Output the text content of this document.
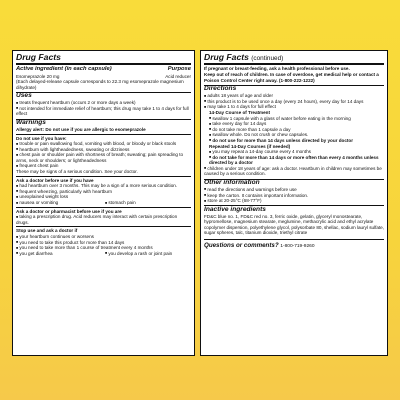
Drug Facts
Active ingredient (in each capsule)	Purpose
Esomeprazole 20 mg	Acid reducer
(Each delayed-release capsule corresponds to 22.3 mg esomeprazole magnesium dihydrate)
Uses
■ treats frequent heartburn (occurs 2 or more days a week)
■ not intended for immediate relief of heartburn; this drug may take 1 to 4 days for full effect
Warnings
Allergy alert: Do not use if you are allergic to esomeprazole
Do not use if you have:
■ trouble or pain swallowing food, vomiting with blood, or bloody or black stools
■ heartburn with lightheadedness, sweating or dizziness
■ chest pain or shoulder pain with shortness of breath; sweating; pain spreading to arms, neck or shoulders; or lightheadedness
■ frequent chest pain
These may be signs of a serious condition. See your doctor.
Ask a doctor before use if you have
■ had heartburn over 3 months. This may be a sign of a more serious condition.
■ frequent wheezing, particularly with heartburn
■ unexplained weight loss
■ nausea or vomiting	■ stomach pain
Ask a doctor or pharmacist before use if you are
■ taking a prescription drug. Acid reducers may interact with certain prescription drugs.
Stop use and ask a doctor if
■ your heartburn continues or worsens
■ you need to take this product for more than 14 days
■ you need to take more than 1 course of treatment every 4 months
■ you get diarrhea	■ you develop a rash or joint pain
Drug Facts (continued)
If pregnant or breast-feeding, ask a health professional before use.
Keep out of reach of children. In case of overdose, get medical help or contact a Poison Control Center right away. (1-800-222-1222)
Directions
■ adults 18 years of age and older
■ this product is to be used once a day (every 24 hours), every day for 14 days
■ may take 1 to 4 days for full effect
14-Day Course of Treatment
■ swallow 1 capsule with a glass of water before eating in the morning
■ take every day for 14 days
■ do not take more than 1 capsule a day
■ swallow whole. Do not crush or chew capsules.
■ do not use for more than 14 days unless directed by your doctor
Repeated 14-Day Courses (if needed)
■ you may repeat a 14-day course every 4 months
■ do not take for more than 14 days or more often than every 4 months unless directed by a doctor
■ children under 18 years of age: ask a doctor. Heartburn in children may sometimes be caused by a serious condition.
Other information
■ read the directions and warnings before use
■ keep the carton. It contains important information.
■ store at 20-25°C (68-77°F)
Inactive ingredients
FD&C blue no. 1, FD&C red no. 3, ferric oxide, gelatin, glyceryl monostearate, hypromellose, magnesium stearate, meglumine, methacrylic acid and ethyl acrylate copolymer dispersion, polyethylene glycol, polysorbate 80, shellac, sodium lauryl sulfate, sugar spheres, talc, titanium dioxide, triethyl citrate
Questions or comments? 1-800-719-9260
